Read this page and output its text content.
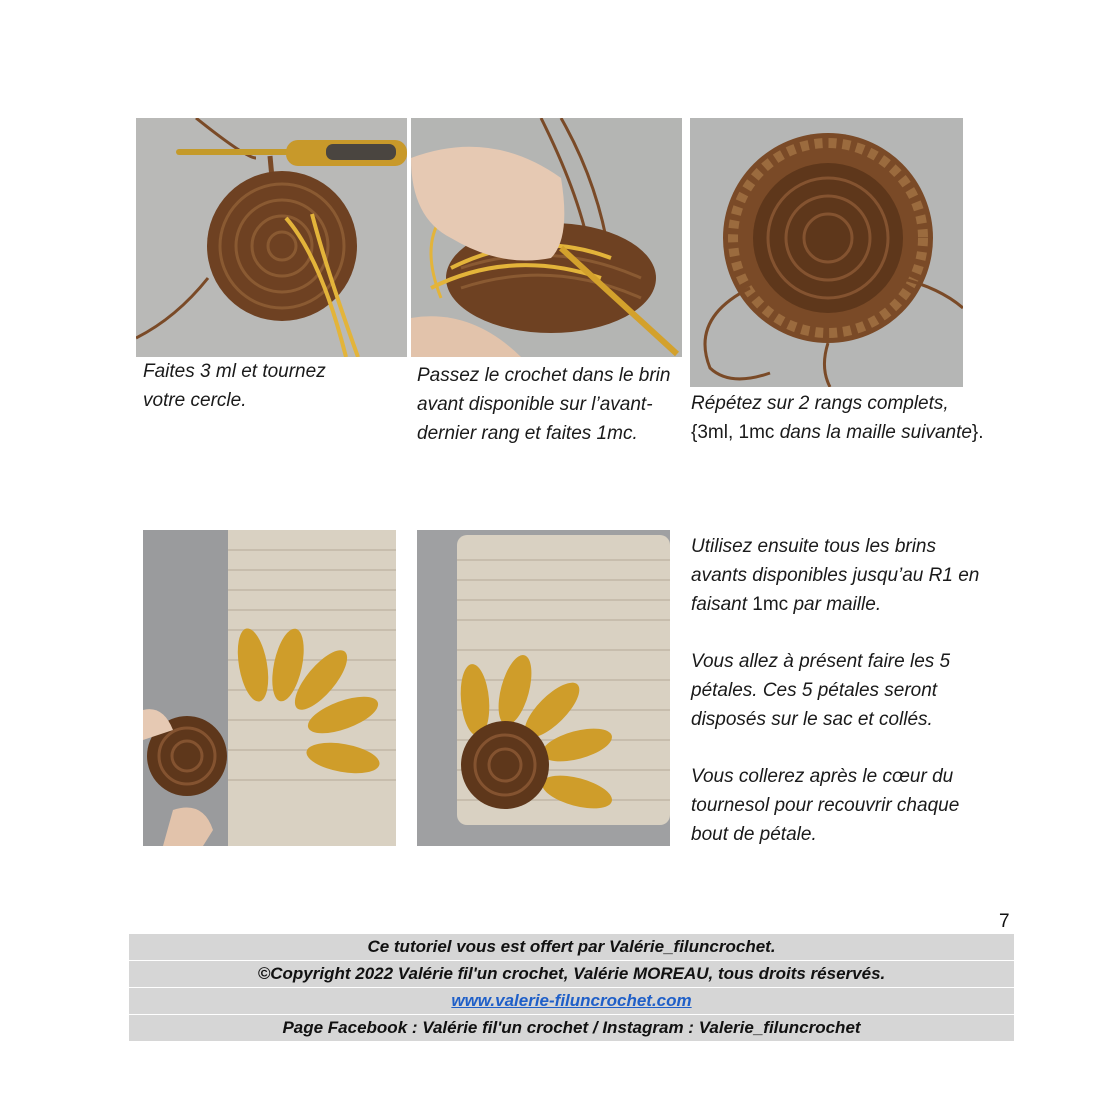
Faites 3 ml et tournez votre cercle.

Passez le crochet dans le brin avant disponible sur l’avant-dernier rang et faites 1mc.

Répétez sur 2 rangs complets,
{3ml, 1mc dans la maille suivante}.

Utilisez ensuite tous les brins avants disponibles jusqu’au R1 en faisant 1mc par maille.

Vous allez à présent faire les 5 pétales. Ces 5 pétales seront disposés sur le sac et collés.

Vous collerez après le cœur du tournesol pour recouvrir chaque bout de pétale.

7
Ce tutoriel vous est offert par Valérie_filuncrochet.
©Copyright 2022 Valérie fil'un crochet, Valérie MOREAU, tous droits réservés.
www.valerie-filuncrochet.com
Page Facebook : Valérie fil'un crochet / Instagram : Valerie_filuncrochet
